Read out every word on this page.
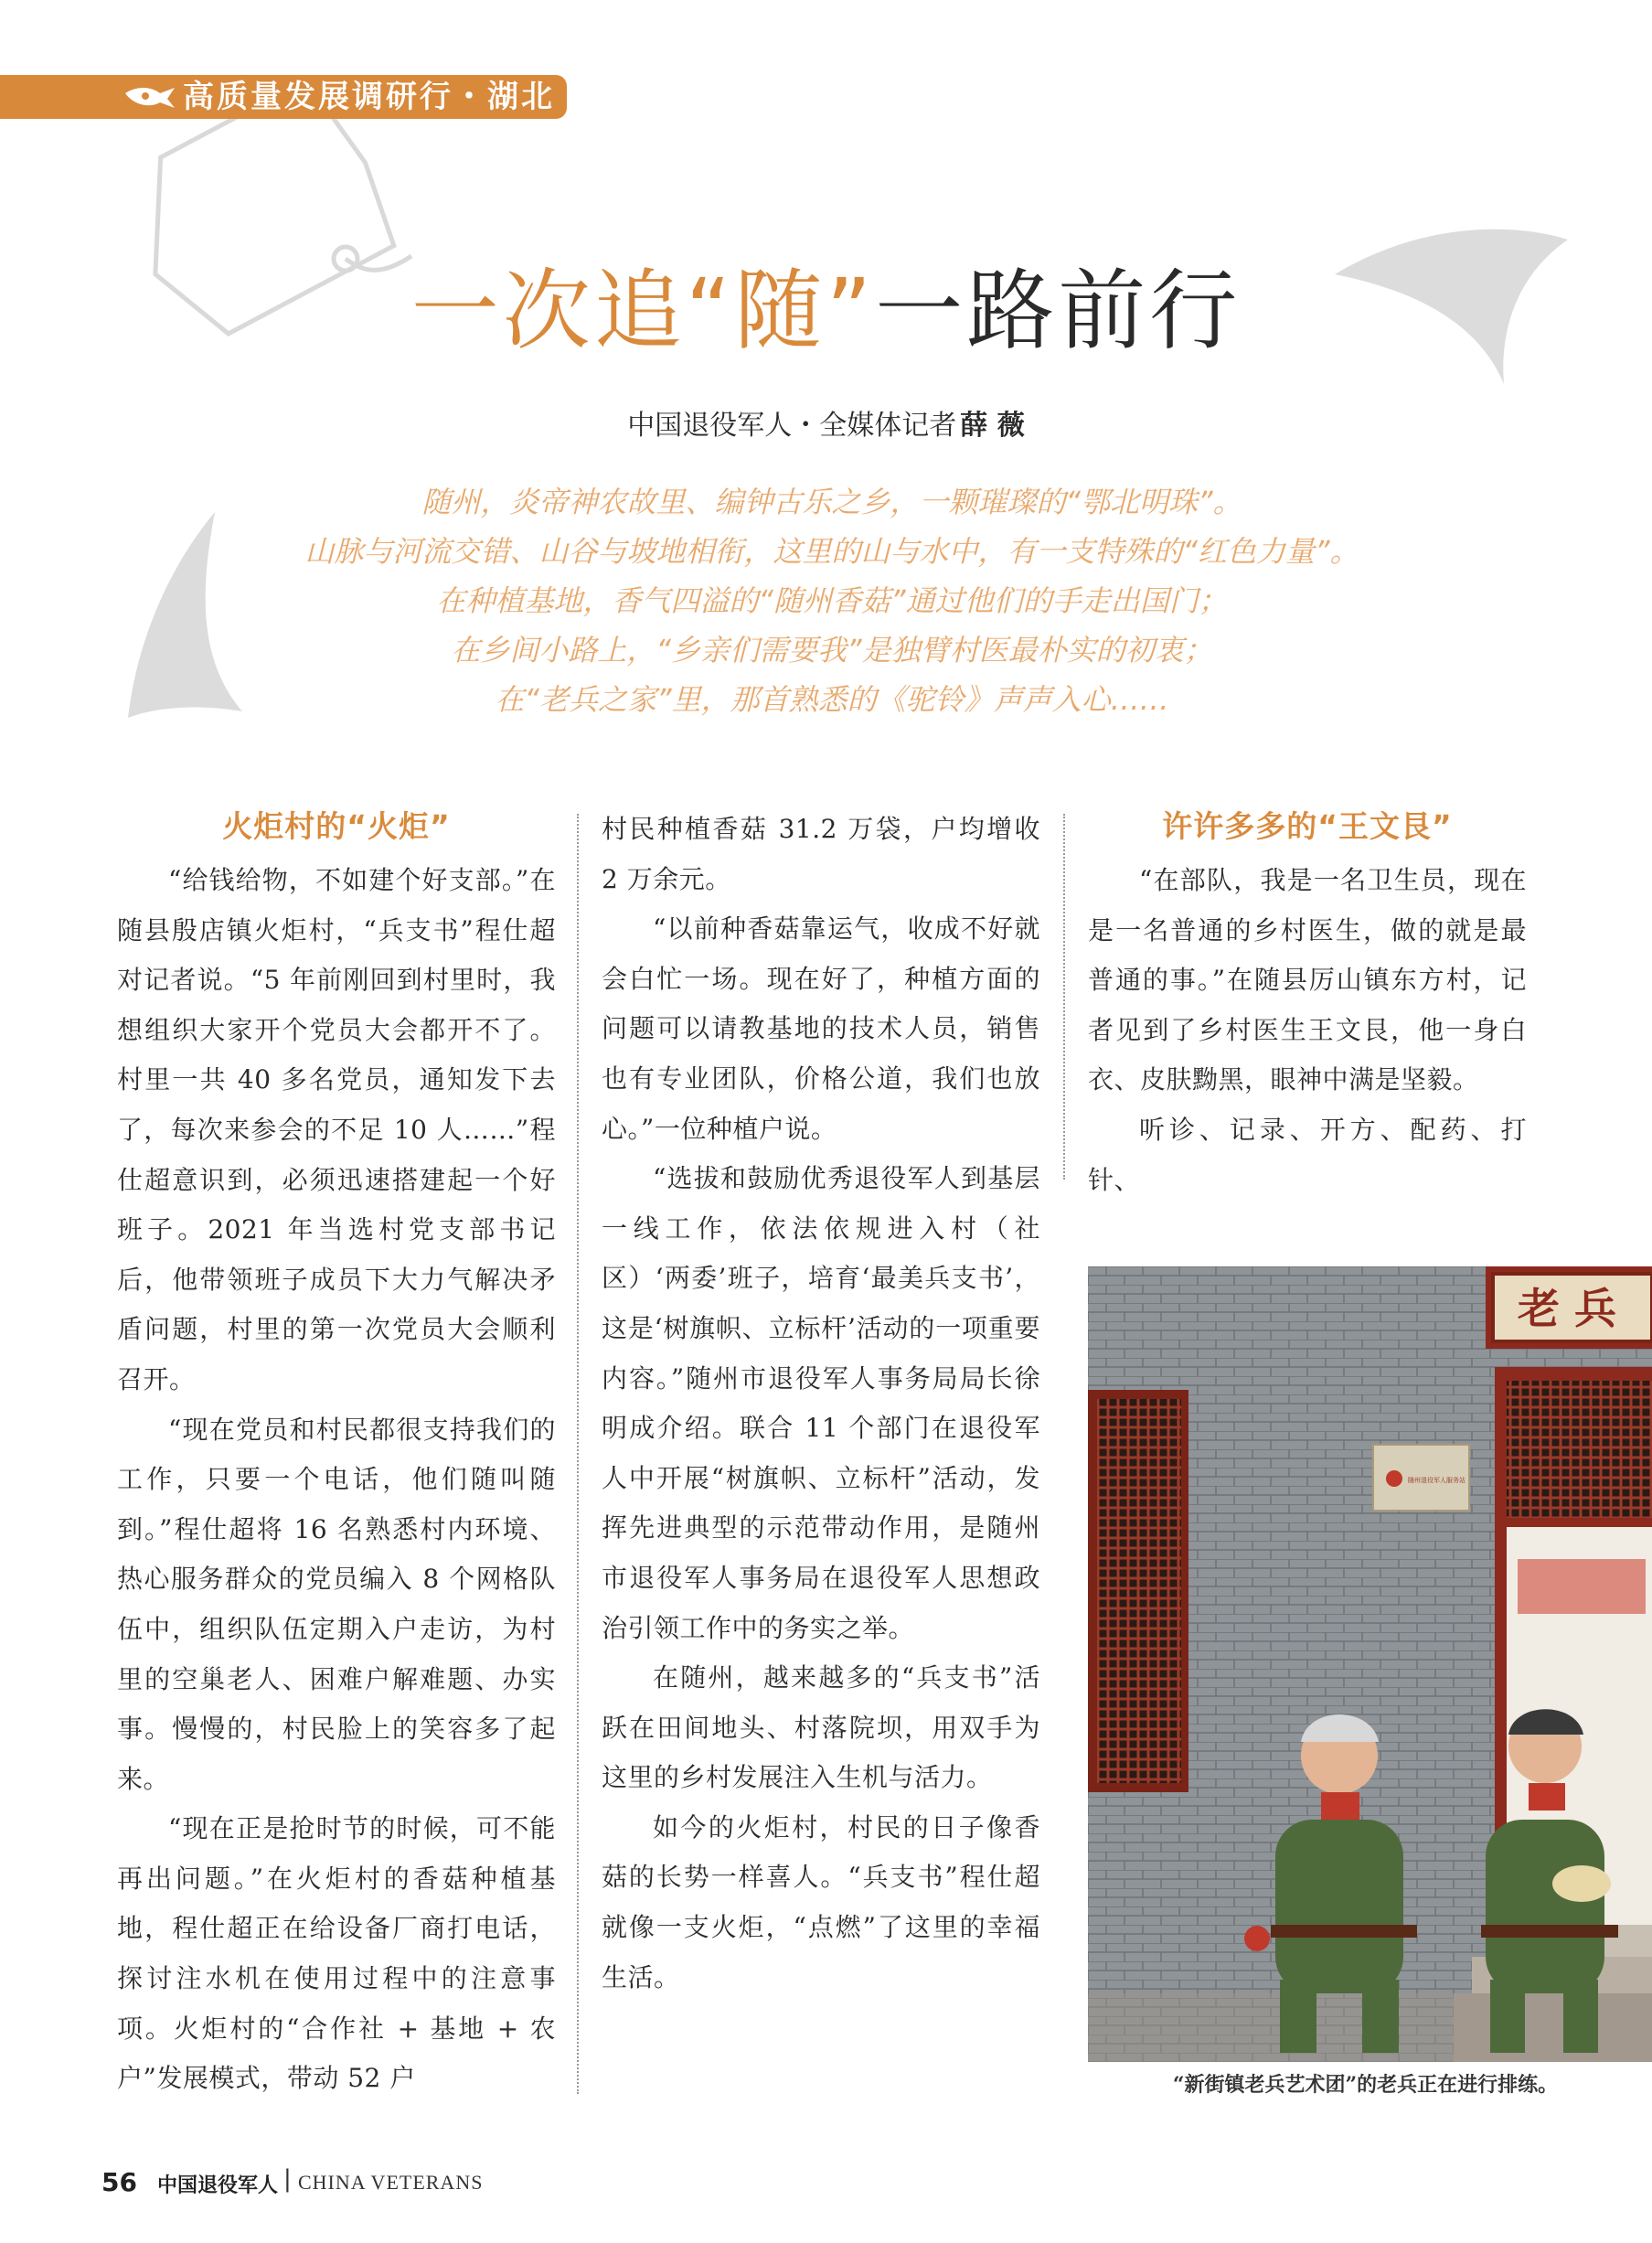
高质量发展调研行・湖北
一次追“随”一路前行
中国退役军人・全媒体记者 薛 薇

随州，炎帝神农故里、编钟古乐之乡，一颗璀璨的“鄂北明珠”。

山脉与河流交错、山谷与坡地相衔，这里的山与水中，有一支特殊的“红色力量”。

在种植基地，香气四溢的“随州香菇”通过他们的手走出国门；

在乡间小路上，“乡亲们需要我”是独臂村医最朴实的初衷；

在“老兵之家”里，那首熟悉的《驼铃》声声入心……

火炬村的“火炬”

“给钱给物，不如建个好支部。”在随县殷店镇火炬村，“兵支书”程仕超对记者说。“5 年前刚回到村里时，我想组织大家开个党员大会都开不了。村里一共 40 多名党员，通知发下去了，每次来参会的不足 10 人……”程仕超意识到，必须迅速搭建起一个好班子。2021 年当选村党支部书记后，他带领班子成员下大力气解决矛盾问题，村里的第一次党员大会顺利召开。

“现在党员和村民都很支持我们的工作，只要一个电话，他们随叫随到。”程仕超将 16 名熟悉村内环境、热心服务群众的党员编入 8 个网格队伍中，组织队伍定期入户走访，为村里的空巢老人、困难户解难题、办实事。慢慢的，村民脸上的笑容多了起来。

“现在正是抢时节的时候，可不能再出问题。”在火炬村的香菇种植基地，程仕超正在给设备厂商打电话，探讨注水机在使用过程中的注意事项。火炬村的“合作社 + 基地 + 农户”发展模式，带动 52 户

村民种植香菇 31.2 万袋，户均增收 2 万余元。

“以前种香菇靠运气，收成不好就会白忙一场。现在好了，种植方面的问题可以请教基地的技术人员，销售也有专业团队，价格公道，我们也放心。”一位种植户说。

“选拔和鼓励优秀退役军人到基层一线工作，依法依规进入村（社区）‘两委’班子，培育‘最美兵支书’，这是‘树旗帜、立标杆’活动的一项重要内容。”随州市退役军人事务局局长徐明成介绍。联合 11 个部门在退役军人中开展“树旗帜、立标杆”活动，发挥先进典型的示范带动作用，是随州市退役军人事务局在退役军人思想政治引领工作中的务实之举。

在随州，越来越多的“兵支书”活跃在田间地头、村落院坝，用双手为这里的乡村发展注入生机与活力。

如今的火炬村，村民的日子像香菇的长势一样喜人。“兵支书”程仕超就像一支火炬，“点燃”了这里的幸福生活。

许许多多的“王文艮”

“在部队，我是一名卫生员，现在是一名普通的乡村医生，做的就是最普通的事。”在随县厉山镇东方村，记者见到了乡村医生王文艮，他一身白衣、皮肤黝黑，眼神中满是坚毅。

听诊、记录、开方、配药、打针、

老兵
随州退役军人服务站
“新街镇老兵艺术团”的老兵正在进行排练。
56 中国退役军人 | CHINA VETERANS
